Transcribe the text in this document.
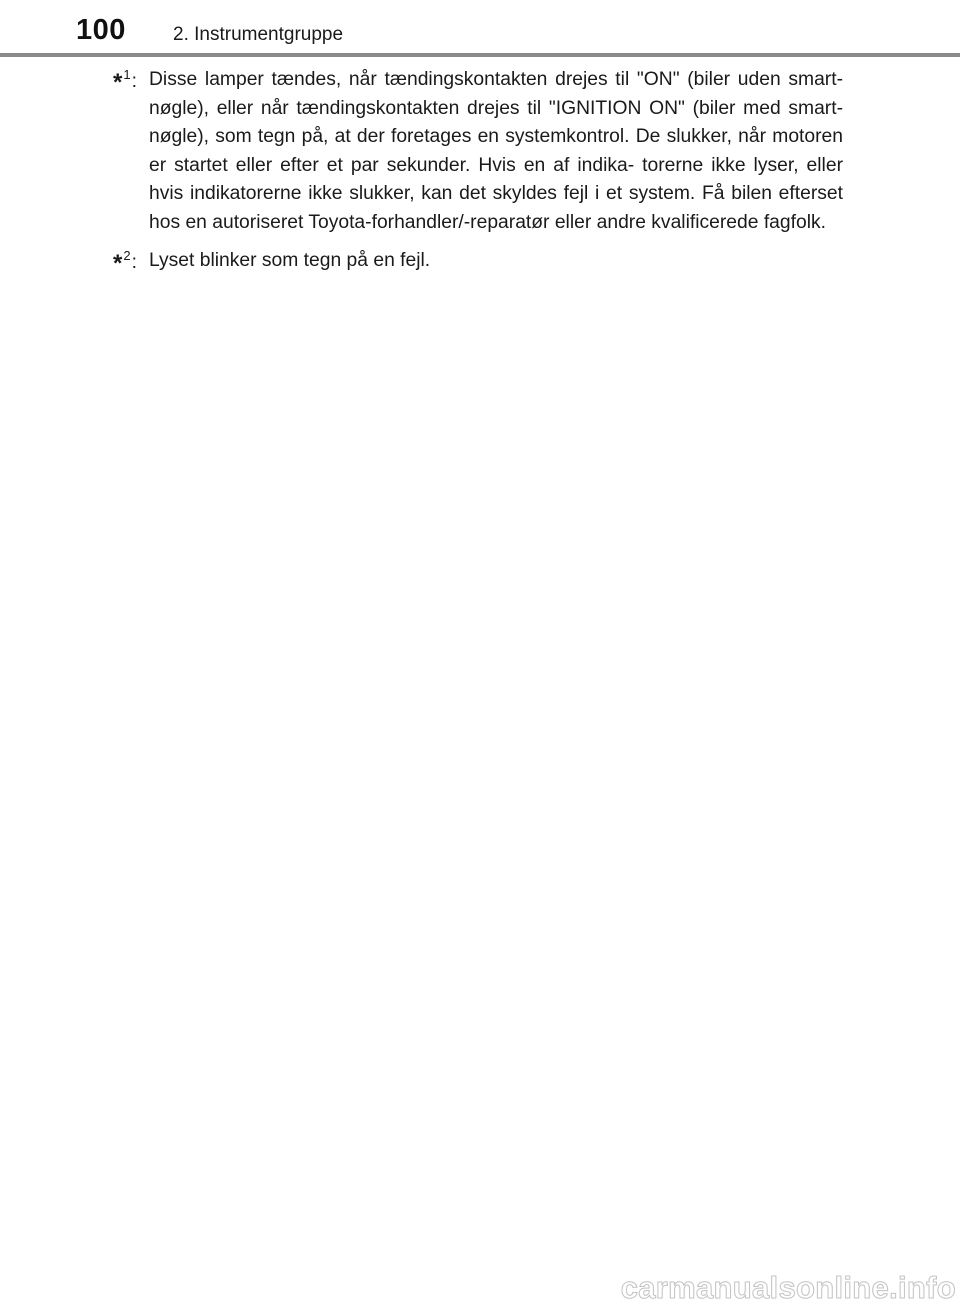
100 2. Instrumentgruppe
*$^1$: Disse lamper tændes, når tændingskontakten drejes til "ON" (biler uden smart-nøgle), eller når tændingskontakten drejes til "IGNITION ON" (biler med smart-nøgle), som tegn på, at der foretages en systemkontrol. De slukker, når motoren er startet eller efter et par sekunder. Hvis en af indika- torerne ikke lyser, eller hvis indikatorerne ikke slukker, kan det skyldes fejl i et system. Få bilen efterset hos en autoriseret Toyota-forhandler/-reparatør eller andre kvalificerede fagfolk.
*$^2$: Lyset blinker som tegn på en fejl.
carmanualsonline.info
